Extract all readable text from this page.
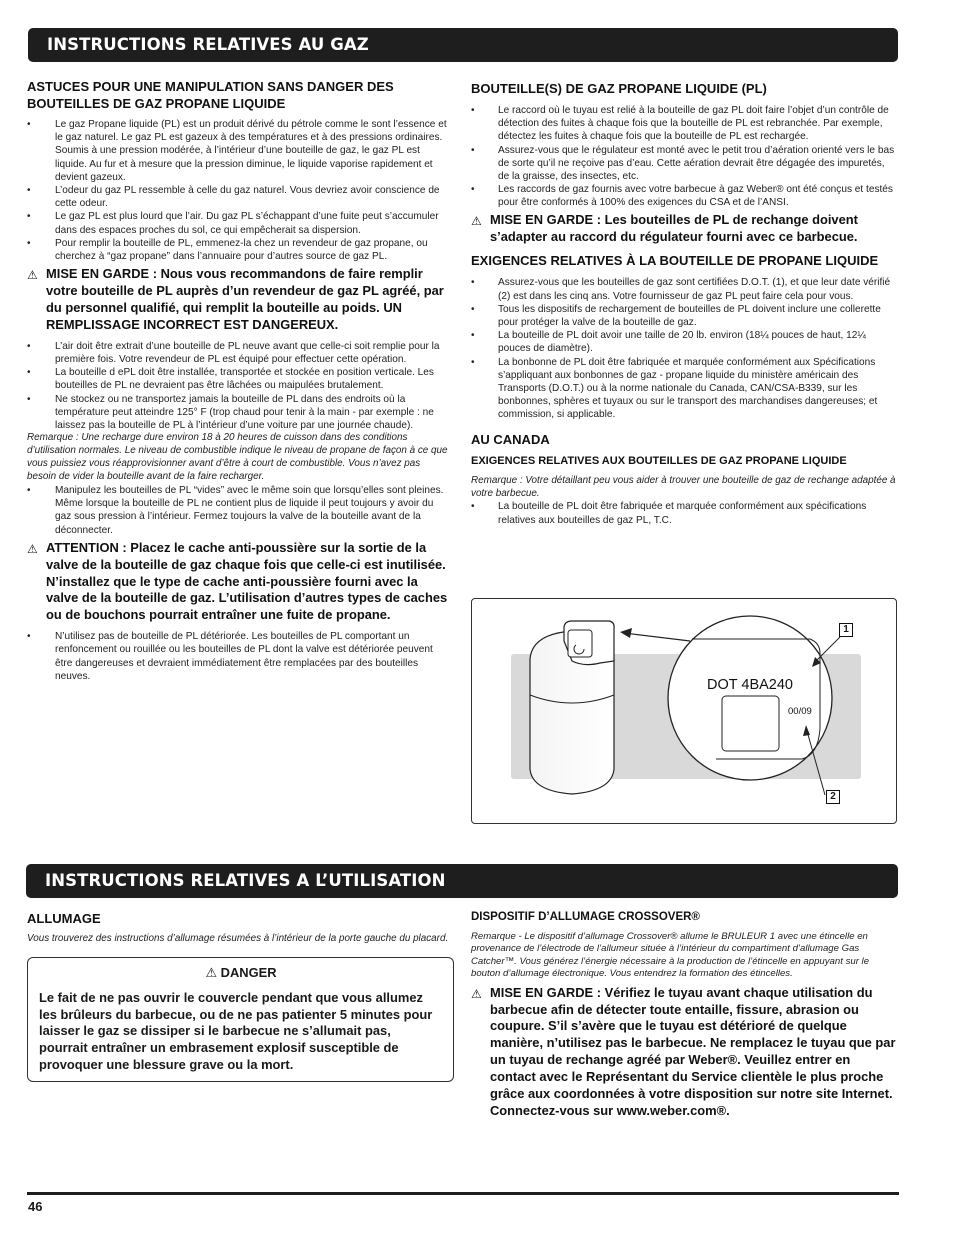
INSTRUCTIONS RELATIVES AU GAZ
ASTUCES POUR UNE MANIPULATION SANS DANGER DES BOUTEILLES DE GAZ PROPANE LIQUIDE
• Le gaz Propane liquide (PL) est un produit dérivé du pétrole comme le sont l’essence et le gaz naturel. Le gaz PL est gazeux à des températures et à des pressions ordinaires. Soumis à une pression modérée, à l’intérieur d’une bouteille de gaz, le gaz PL est liquide. Au fur et à mesure que la pression diminue, le liquide vaporise rapidement et devient gazeux.
• L’odeur du gaz PL ressemble à celle du gaz naturel. Vous devriez avoir conscience de cette odeur.
• Le gaz PL est plus lourd que l’air. Du gaz PL s’échappant d’une fuite peut s’accumuler dans des espaces proches du sol, ce qui empêcherait sa dispersion.
• Pour remplir la bouteille de PL, emmenez-la chez un revendeur de gaz propane, ou cherchez à “gaz propane” dans l’annuaire pour d’autres source de gaz PL.
⚠ MISE EN GARDE : Nous vous recommandons de faire remplir votre bouteille de PL auprès d’un revendeur de gaz PL agréé, par du personnel qualifié, qui remplit la bouteille au poids. UN REMPLISSAGE INCORRECT EST DANGEREUX.
• L’air doit être extrait d’une bouteille de PL neuve avant que celle-ci soit remplie pour la première fois. Votre revendeur de PL est équipé pour effectuer cette opération.
• La bouteille d ePL doit être installée, transportée et stockée en position verticale. Les bouteilles de PL ne devraient pas être lâchées ou maipulées brutalement.
• Ne stockez ou ne transportez jamais la bouteille de PL dans des endroits où la température peut atteindre 125° F (trop chaud pour tenir à la main - par exemple : ne laissez pas la bouteille de PL à l’intérieur d’une voiture par une journée chaude).
Remarque : Une recharge dure environ 18 à 20 heures de cuisson dans des conditions d’utilisation normales. Le niveau de combustible indique le niveau de propane de façon à ce que vous puissiez vous réapprovisionner avant d’être à court de combustible. Vous n’avez pas besoin de vider la bouteille avant de la faire recharger.
• Manipulez les bouteilles de PL “vides” avec le même soin que lorsqu’elles sont pleines. Même lorsque la bouteille de PL ne contient plus de liquide il peut toujours y avoir du gaz sous pression à l’intérieur. Fermez toujours la valve de la bouteille avant de la déconnecter.
⚠ ATTENTION : Placez le cache anti-poussière sur la sortie de la valve de la bouteille de gaz chaque fois que celle-ci est inutilisée. N’installez que le type de cache anti-poussière fourni avec la valve de la bouteille de gaz. L’utilisation d’autres types de caches ou de bouchons pourrait entraîner une fuite de propane.
• N’utilisez pas de bouteille de PL détériorée. Les bouteilles de PL comportant un renfoncement ou rouillée ou les bouteilles de PL dont la valve est détériorée peuvent être dangereuses et devraient immédiatement être remplacées par des bouteilles neuves.
BOUTEILLE(S) DE GAZ PROPANE LIQUIDE (PL)
• Le raccord où le tuyau est relié à la bouteille de gaz PL doit faire l’objet d’un contrôle de détection des fuites à chaque fois que la bouteille de PL est rebranchée. Par exemple, détectez les fuites à chaque fois que la bouteille de PL est rechargée.
• Assurez-vous que le régulateur est monté avec le petit trou d’aération orienté vers le bas de sorte qu’il ne reçoive pas d’eau. Cette aération devrait être dégagée des impuretés, de la graisse, des insectes, etc.
• Les raccords de gaz fournis avec votre barbecue à gaz Weber® ont été conçus et testés pour être conformés à 100% des exigences du CSA et de l’ANSI.
⚠ MISE EN GARDE : Les bouteilles de PL de rechange doivent s’adapter au raccord du régulateur fourni avec ce barbecue.
EXIGENCES RELATIVES À LA BOUTEILLE DE PROPANE LIQUIDE
• Assurez-vous que les bouteilles de gaz sont certifiées D.O.T. (1), et que leur date vérifié (2) est dans les cinq ans. Votre fournisseur de gaz PL peut faire cela pour vous.
• Tous les dispositifs de rechargement de bouteilles de PL doivent inclure une collerette pour protéger la valve de la bouteille de gaz.
• La bouteille de PL doit avoir une taille de 20 lb. environ (18¼ pouces de haut, 12¼ pouces de diamètre).
• La bonbonne de PL doit être fabriquée et marquée conformément aux Spécifications s’appliquant aux bonbonnes de gaz - propane liquide du ministère américain des Transports (D.O.T.) ou à la norme nationale du Canada, CAN/CSA-B339, sur les bonbonnes, sphères et tuyaux ou sur le transport des marchandises dangereuses; et commission, si applicable.
AU CANADA
EXIGENCES RELATIVES AUX BOUTEILLES DE GAZ PROPANE LIQUIDE
Remarque : Votre détaillant peu vous aider à trouver une bouteille de gaz de rechange adaptée à votre barbecue.
• La bouteille de PL doit être fabriquée et marquée conformément aux spécifications relatives aux bouteilles de gaz PL, T.C.
DOT 4BA240
00/09
1
2
INSTRUCTIONS RELATIVES A L’UTILISATION
ALLUMAGE
Vous trouverez des instructions d’allumage résumées à l’intérieur de la porte gauche du placard.
⚠ DANGER
Le fait de ne pas ouvrir le couvercle pendant que vous allumez les brûleurs du barbecue, ou de ne pas patienter 5 minutes pour laisser le gaz se dissiper si le barbecue ne s’allumait pas, pourrait entraîner un embrasement explosif susceptible de provoquer une blessure grave ou la mort.
DISPOSITIF D’ALLUMAGE CROSSOVER®
Remarque - Le dispositif d’allumage Crossover® allume le BRULEUR 1 avec une étincelle en provenance de l’électrode de l’allumeur située à l’intérieur du compartiment d’allumage Gas Catcher™. Vous générez l’énergie nécessaire à la production de l’étincelle en appuyant sur le bouton d’allumage électronique. Vous entendrez la formation des étincelles.
⚠ MISE EN GARDE : Vérifiez le tuyau avant chaque utilisation du barbecue afin de détecter toute entaille, fissure, abrasion ou coupure. S’il s’avère que le tuyau est détérioré de quelque manière, n’utilisez pas le barbecue. Ne remplacez le tuyau que par un tuyau de rechange agréé par Weber®. Veuillez entrer en contact avec le Représentant du Service clientèle le plus proche grâce aux coordonnées à votre disposition sur notre site Internet. Connectez-vous sur www.weber.com®.
46
